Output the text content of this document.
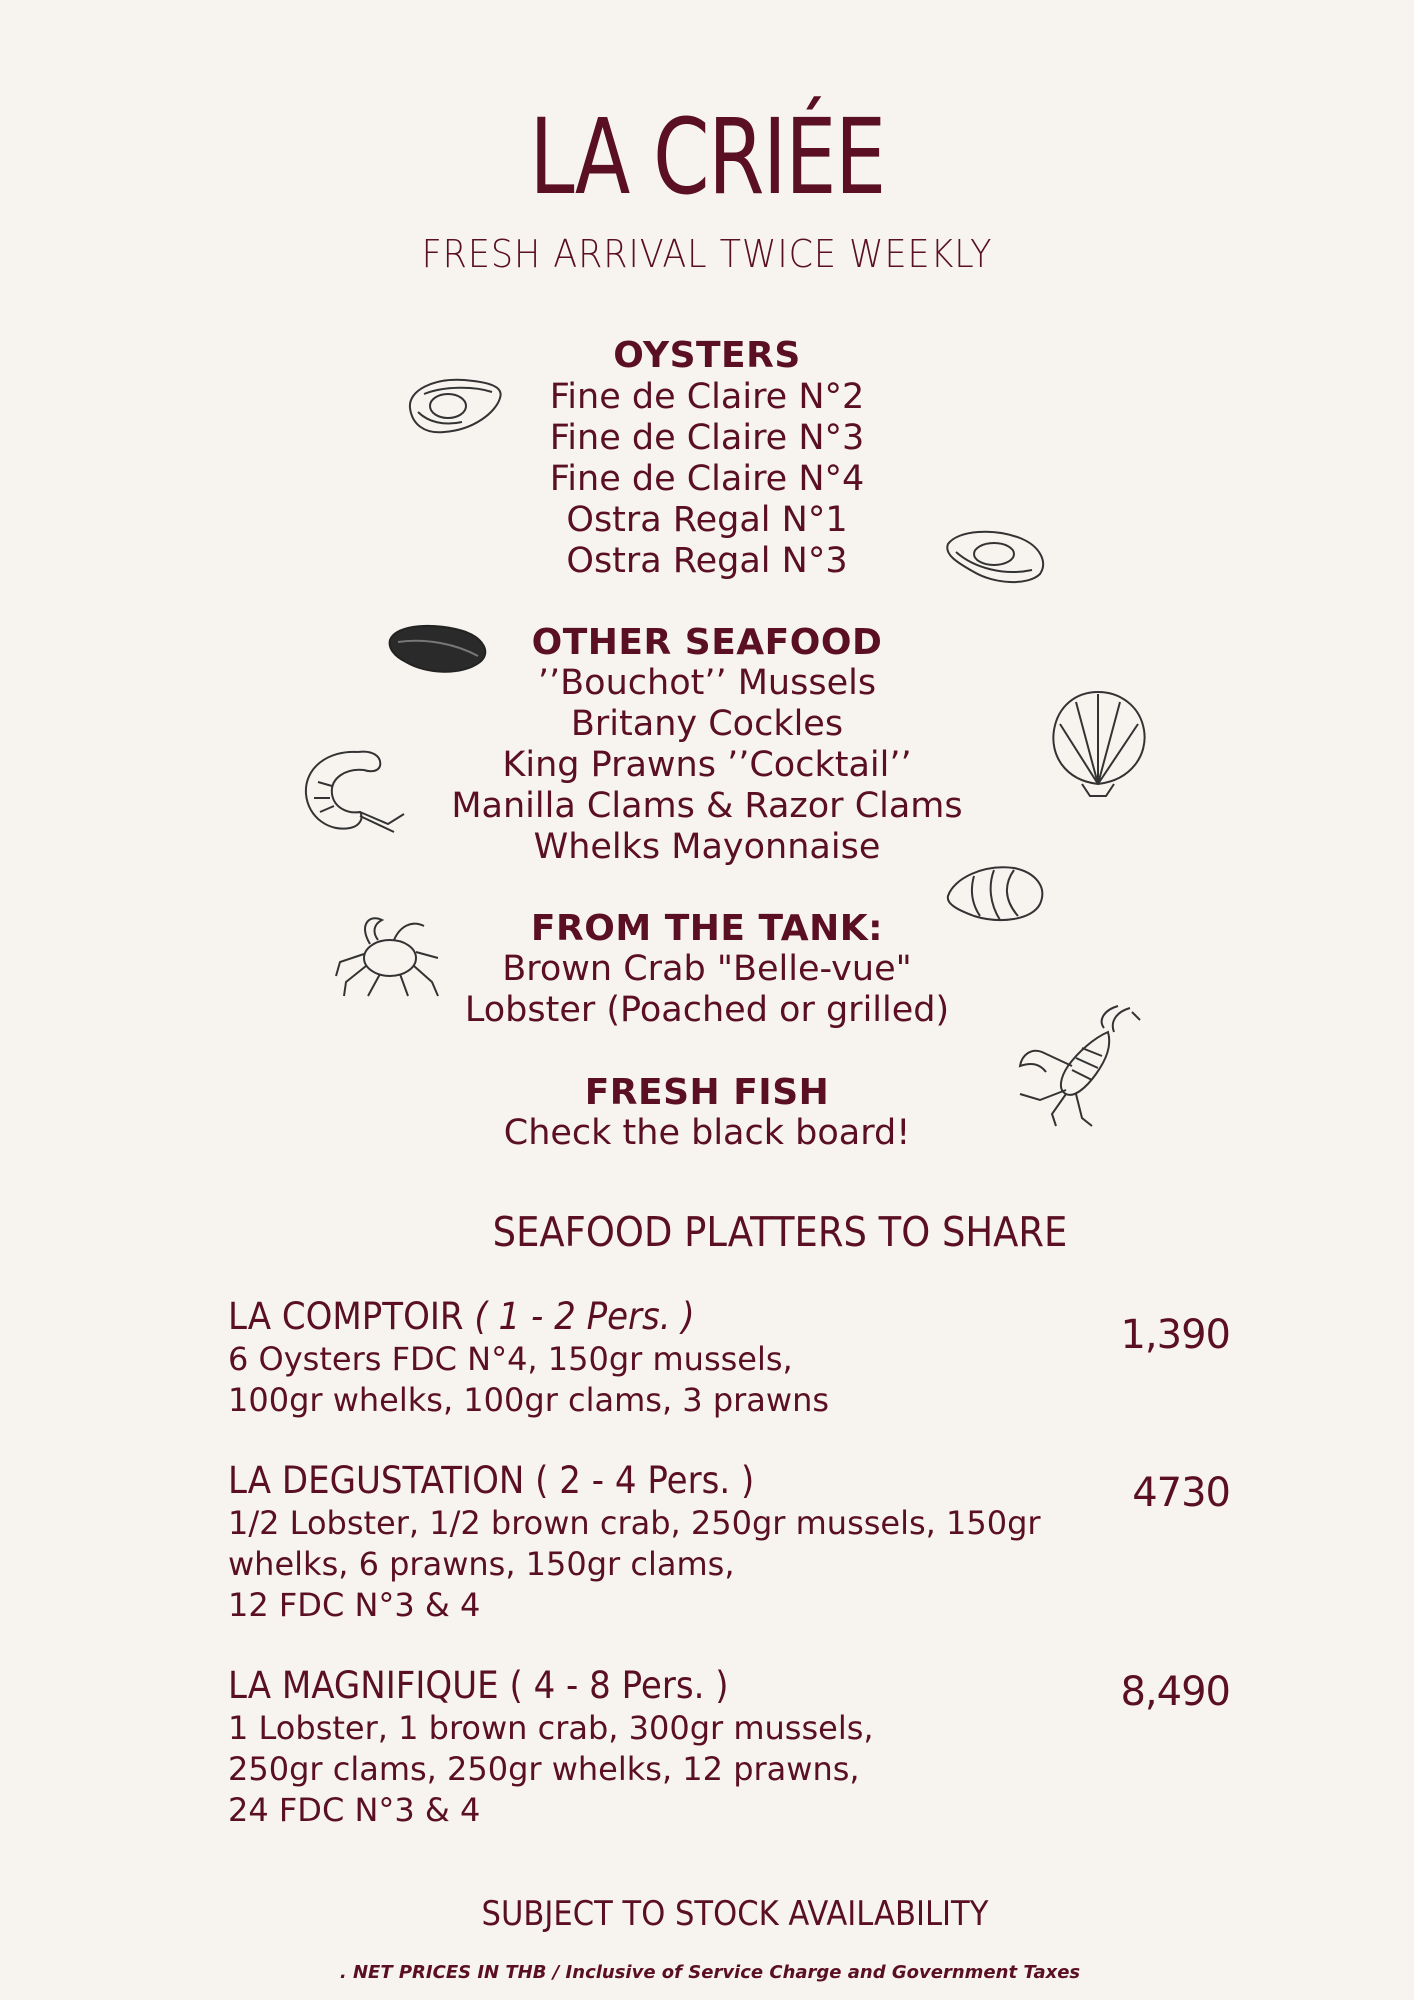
LA CRIÉE
FRESH ARRIVAL TWICE WEEKLY
OYSTERS
Fine de Claire N°2
Fine de Claire N°3
Fine de Claire N°4
Ostra Regal N°1
Ostra Regal N°3
OTHER SEAFOOD
’’Bouchot’’ Mussels
Britany Cockles
King Prawns ’’Cocktail’’
Manilla Clams & Razor Clams
Whelks Mayonnaise
FROM THE TANK:
Brown Crab "Belle-vue"
Lobster (Poached or grilled)
FRESH FISH
Check the black board!
SEAFOOD PLATTERS TO SHARE
LA COMPTOIR ( 1 - 2 Pers. )
6 Oysters FDC N°4, 150gr mussels,
100gr whelks, 100gr clams, 3 prawns
1,390
LA DEGUSTATION ( 2 - 4 Pers. )
1/2 Lobster, 1/2 brown crab, 250gr mussels, 150gr
whelks, 6 prawns, 150gr clams,
12 FDC N°3 & 4
4730
LA MAGNIFIQUE ( 4 - 8 Pers. )
1 Lobster, 1 brown crab, 300gr mussels,
250gr clams, 250gr whelks, 12 prawns,
24 FDC N°3 & 4
8,490
SUBJECT TO STOCK AVAILABILITY
. NET PRICES IN THB / Inclusive of Service Charge and Government Taxes
